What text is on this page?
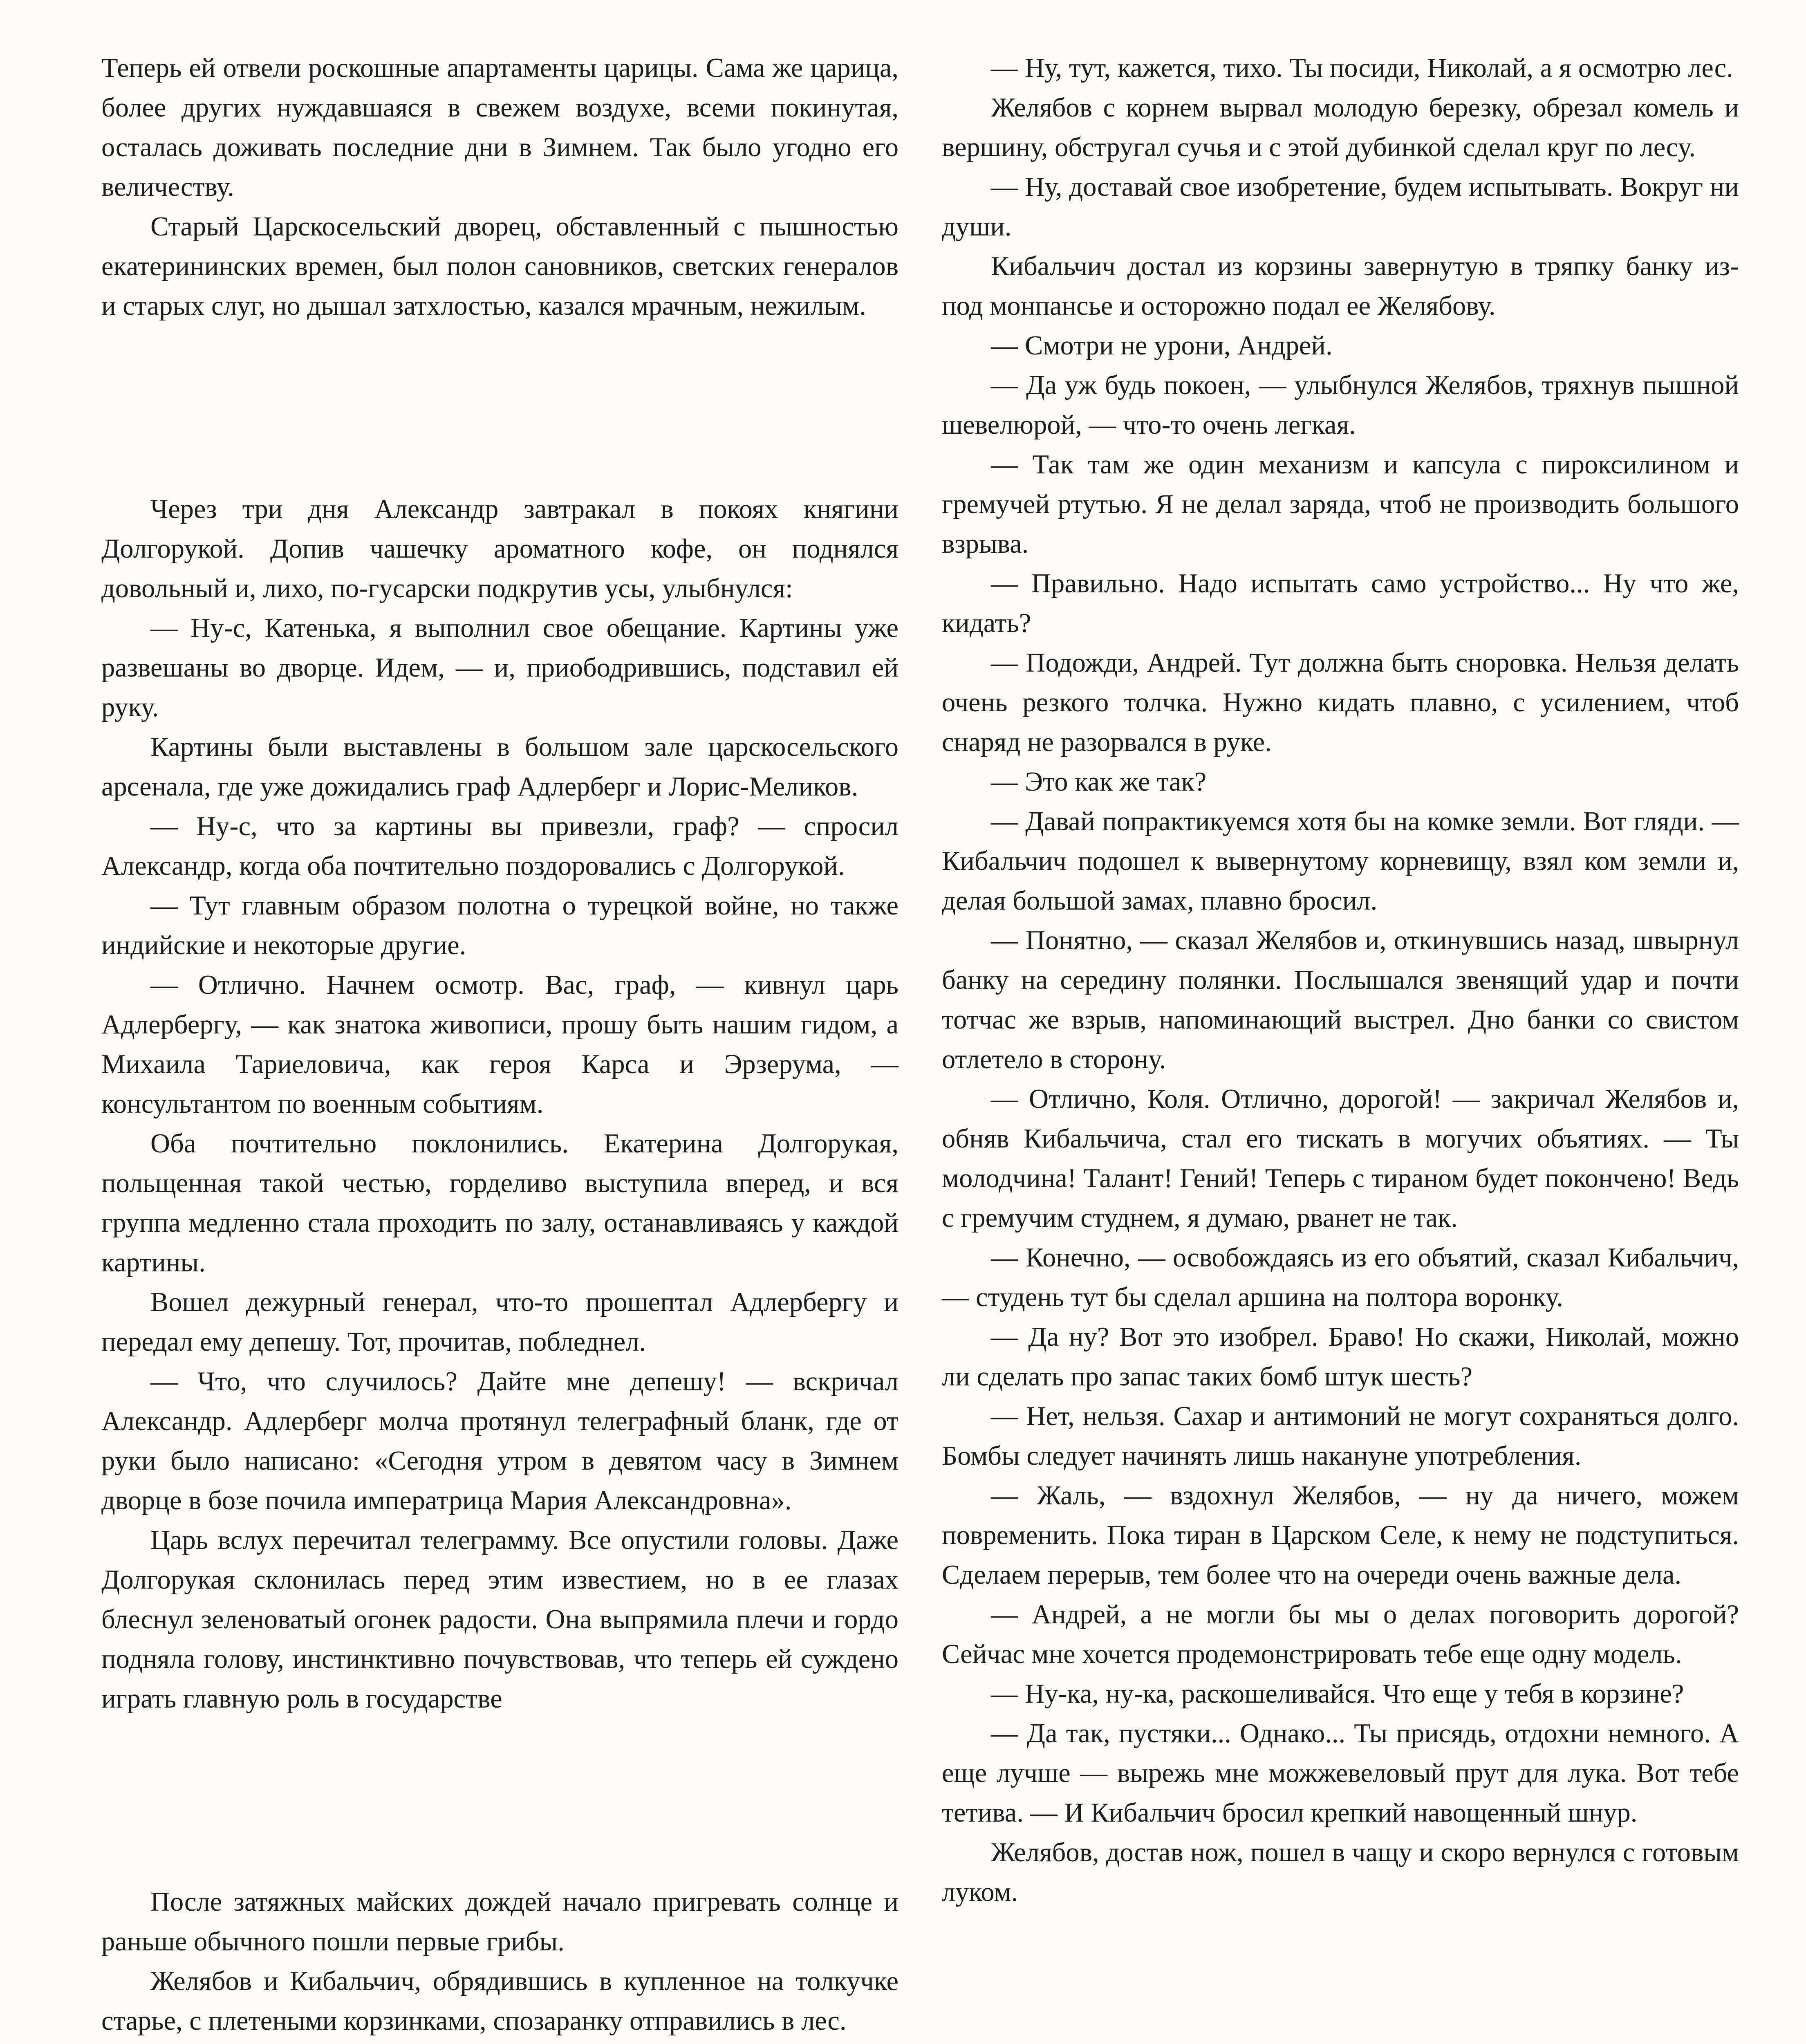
Теперь ей отвели роскошные апартаменты царицы. Сама же царица, более других нуждавшаяся в свежем воздухе, всеми покинутая, осталась доживать последние дни в Зимнем. Так было угодно его величеству.

Старый Царскосельский дворец, обставленный с пышностью екатерининских времен, был полон сановников, светских генералов и старых слуг, но дышал затхлостью, казался мрачным, нежилым.

Через три дня Александр завтракал в покоях княгини Долгорукой. Допив чашечку ароматного кофе, он поднялся довольный и, лихо, по-гусарски подкрутив усы, улыбнулся:

— Ну-с, Катенька, я выполнил свое обещание. Картины уже развешаны во дворце. Идем, — и, приободрившись, подставил ей руку.

Картины были выставлены в большом зале царскосельского арсенала, где уже дожидались граф Адлерберг и Лорис-Меликов.

— Ну-с, что за картины вы привезли, граф? — спросил Александр, когда оба почтительно поздоровались с Долгорукой.

— Тут главным образом полотна о турецкой войне, но также индийские и некоторые другие.

— Отлично. Начнем осмотр. Вас, граф, — кивнул царь Адлербергу, — как знатока живописи, прошу быть нашим гидом, а Михаила Тариеловича, как героя Карса и Эрзерума, — консультантом по военным событиям.

Оба почтительно поклонились. Екатерина Долгорукая, польщенная такой честью, горделиво выступила вперед, и вся группа медленно стала проходить по залу, останавливаясь у каждой картины.

Вошел дежурный генерал, что-то прошептал Адлербергу и передал ему депешу. Тот, прочитав, побледнел.

— Что, что случилось? Дайте мне депешу! — вскричал Александр. Адлерберг молча протянул телеграфный бланк, где от руки было написано: «Сегодня утром в девятом часу в Зимнем дворце в бозе почила императрица Мария Александровна».

Царь вслух перечитал телеграмму. Все опустили головы. Даже Долгорукая склонилась перед этим известием, но в ее глазах блеснул зеленоватый огонек радости. Она выпрямила плечи и гордо подняла голову, инстинктивно почувствовав, что теперь ей суждено играть главную роль в государстве

После затяжных майских дождей начало пригревать солнце и раньше обычного пошли первые грибы.

Желябов и Кибальчич, обрядившись в купленное на толкучке старье, с плетеными корзинками, спозаранку отправились в лес.

— Ну, тут, кажется, тихо. Ты посиди, Николай, а я осмотрю лес.

Желябов с корнем вырвал молодую березку, обрезал комель и вершину, обстругал сучья и с этой дубинкой сделал круг по лесу.

— Ну, доставай свое изобретение, будем испытывать. Вокруг ни души.

Кибальчич достал из корзины завернутую в тряпку банку из-под монпансье и осторожно подал ее Желябову.

— Смотри не урони, Андрей.

— Да уж будь покоен, — улыбнулся Желябов, тряхнув пышной шевелюрой, — что-то очень легкая.

— Так там же один механизм и капсула с пироксилином и гремучей ртутью. Я не делал заряда, чтоб не производить большого взрыва.

— Правильно. Надо испытать само устройство... Ну что же, кидать?

— Подожди, Андрей. Тут должна быть сноровка. Нельзя делать очень резкого толчка. Нужно кидать плавно, с усилением, чтоб снаряд не разорвался в руке.

— Это как же так?

— Давай попрактикуемся хотя бы на комке земли. Вот гляди. — Кибальчич подошел к вывернутому корневищу, взял ком земли и, делая большой замах, плавно бросил.

— Понятно, — сказал Желябов и, откинувшись назад, швырнул банку на середину полянки. Послышался звенящий удар и почти тотчас же взрыв, напоминающий выстрел. Дно банки со свистом отлетело в сторону.

— Отлично, Коля. Отлично, дорогой! — закричал Желябов и, обняв Кибальчича, стал его тискать в могучих объятиях. — Ты молодчина! Талант! Гений! Теперь с тираном будет покончено! Ведь с гремучим студнем, я думаю, рванет не так.

— Конечно, — освобождаясь из его объятий, сказал Кибальчич, — студень тут бы сделал аршина на полтора воронку.

— Да ну? Вот это изобрел. Браво! Но скажи, Николай, можно ли сделать про запас таких бомб штук шесть?

— Нет, нельзя. Сахар и антимоний не могут сохраняться долго. Бомбы следует начинять лишь накануне употребления.

— Жаль, — вздохнул Желябов, — ну да ничего, можем повременить. Пока тиран в Царском Селе, к нему не подступиться. Сделаем перерыв, тем более что на очереди очень важные дела.

— Андрей, а не могли бы мы о делах поговорить дорогой? Сейчас мне хочется продемонстрировать тебе еще одну модель.

— Ну-ка, ну-ка, раскошеливайся. Что еще у тебя в корзине?

— Да так, пустяки... Однако... Ты присядь, отдохни немного. А еще лучше — вырежь мне можжевеловый прут для лука. Вот тебе тетива. — И Кибальчич бросил крепкий навощенный шнур.

Желябов, достав нож, пошел в чащу и скоро вернулся с готовым луком.
